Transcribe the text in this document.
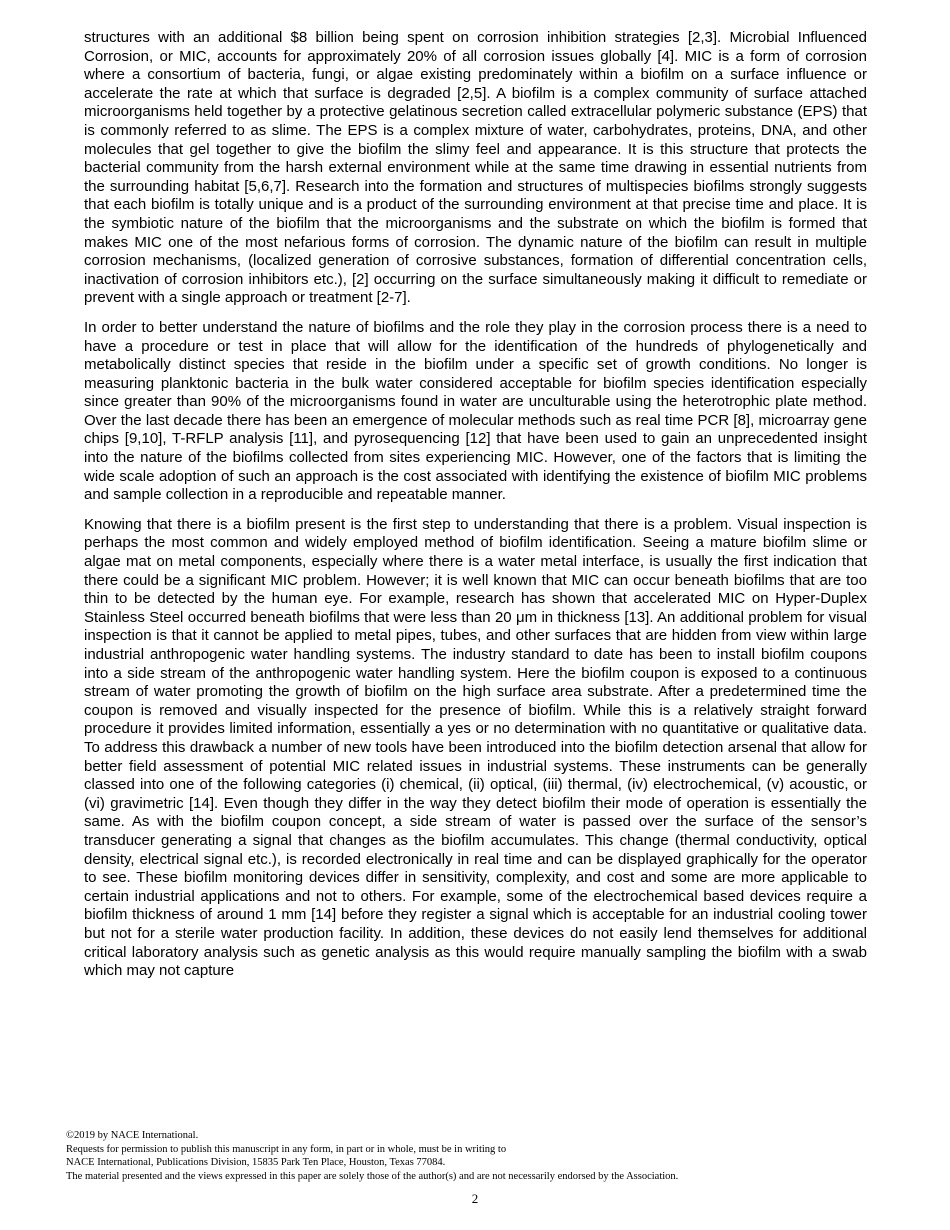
structures with an additional $8 billion being spent on corrosion inhibition strategies [2,3]. Microbial Influenced Corrosion, or MIC, accounts for approximately 20% of all corrosion issues globally [4]. MIC is a form of corrosion where a consortium of bacteria, fungi, or algae existing predominately within a biofilm on a surface influence or accelerate the rate at which that surface is degraded [2,5]. A biofilm is a complex community of surface attached microorganisms held together by a protective gelatinous secretion called extracellular polymeric substance (EPS) that is commonly referred to as slime. The EPS is a complex mixture of water, carbohydrates, proteins, DNA, and other molecules that gel together to give the biofilm the slimy feel and appearance. It is this structure that protects the bacterial community from the harsh external environment while at the same time drawing in essential nutrients from the surrounding habitat [5,6,7]. Research into the formation and structures of multispecies biofilms strongly suggests that each biofilm is totally unique and is a product of the surrounding environment at that precise time and place. It is the symbiotic nature of the biofilm that the microorganisms and the substrate on which the biofilm is formed that makes MIC one of the most nefarious forms of corrosion. The dynamic nature of the biofilm can result in multiple corrosion mechanisms, (localized generation of corrosive substances, formation of differential concentration cells, inactivation of corrosion inhibitors etc.), [2] occurring on the surface simultaneously making it difficult to remediate or prevent with a single approach or treatment [2-7].

In order to better understand the nature of biofilms and the role they play in the corrosion process there is a need to have a procedure or test in place that will allow for the identification of the hundreds of phylogenetically and metabolically distinct species that reside in the biofilm under a specific set of growth conditions. No longer is measuring planktonic bacteria in the bulk water considered acceptable for biofilm species identification especially since greater than 90% of the microorganisms found in water are unculturable using the heterotrophic plate method. Over the last decade there has been an emergence of molecular methods such as real time PCR [8], microarray gene chips [9,10], T-RFLP analysis [11], and pyrosequencing [12] that have been used to gain an unprecedented insight into the nature of the biofilms collected from sites experiencing MIC. However, one of the factors that is limiting the wide scale adoption of such an approach is the cost associated with identifying the existence of biofilm MIC problems and sample collection in a reproducible and repeatable manner.

Knowing that there is a biofilm present is the first step to understanding that there is a problem. Visual inspection is perhaps the most common and widely employed method of biofilm identification. Seeing a mature biofilm slime or algae mat on metal components, especially where there is a water metal interface, is usually the first indication that there could be a significant MIC problem. However; it is well known that MIC can occur beneath biofilms that are too thin to be detected by the human eye. For example, research has shown that accelerated MIC on Hyper-Duplex Stainless Steel occurred beneath biofilms that were less than 20 μm in thickness [13]. An additional problem for visual inspection is that it cannot be applied to metal pipes, tubes, and other surfaces that are hidden from view within large industrial anthropogenic water handling systems. The industry standard to date has been to install biofilm coupons into a side stream of the anthropogenic water handling system. Here the biofilm coupon is exposed to a continuous stream of water promoting the growth of biofilm on the high surface area substrate. After a predetermined time the coupon is removed and visually inspected for the presence of biofilm. While this is a relatively straight forward procedure it provides limited information, essentially a yes or no determination with no quantitative or qualitative data. To address this drawback a number of new tools have been introduced into the biofilm detection arsenal that allow for better field assessment of potential MIC related issues in industrial systems. These instruments can be generally classed into one of the following categories (i) chemical, (ii) optical, (iii) thermal, (iv) electrochemical, (v) acoustic, or (vi) gravimetric [14]. Even though they differ in the way they detect biofilm their mode of operation is essentially the same. As with the biofilm coupon concept, a side stream of water is passed over the surface of the sensor’s transducer generating a signal that changes as the biofilm accumulates. This change (thermal conductivity, optical density, electrical signal etc.), is recorded electronically in real time and can be displayed graphically for the operator to see. These biofilm monitoring devices differ in sensitivity, complexity, and cost and some are more applicable to certain industrial applications and not to others. For example, some of the electrochemical based devices require a biofilm thickness of around 1 mm [14] before they register a signal which is acceptable for an industrial cooling tower but not for a sterile water production facility. In addition, these devices do not easily lend themselves for additional critical laboratory analysis such as genetic analysis as this would require manually sampling the biofilm with a swab which may not capture

©2019 by NACE International.
Requests for permission to publish this manuscript in any form, in part or in whole, must be in writing to
NACE International, Publications Division, 15835 Park Ten Place, Houston, Texas 77084.
The material presented and the views expressed in this paper are solely those of the author(s) and are not necessarily endorsed by the Association.
2
